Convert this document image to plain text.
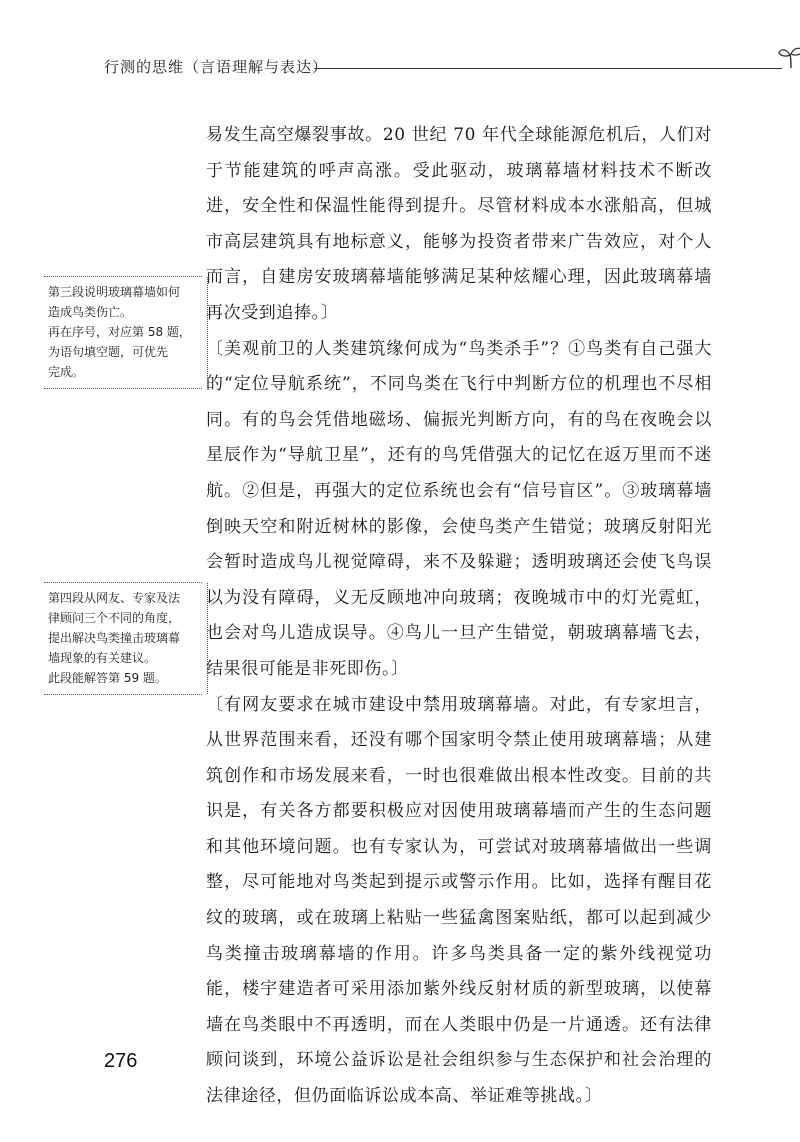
行测的思维（言语理解与表达）

易发生高空爆裂事故。20 世纪 70 年代全球能源危机后，人们对于节能建筑的呼声高涨。受此驱动，玻璃幕墙材料技术不断改进，安全性和保温性能得到提升。尽管材料成本水涨船高，但城市高层建筑具有地标意义，能够为投资者带来广告效应，对个人而言，自建房安玻璃幕墙能够满足某种炫耀心理，因此玻璃幕墙再次受到追捧。〕

〔美观前卫的人类建筑缘何成为“鸟类杀手”？①鸟类有自己强大的“定位导航系统”，不同鸟类在飞行中判断方位的机理也不尽相同。有的鸟会凭借地磁场、偏振光判断方向，有的鸟在夜晚会以星辰作为“导航卫星”，还有的鸟凭借强大的记忆在返万里而不迷航。②但是，再强大的定位系统也会有“信号盲区”。③玻璃幕墙倒映天空和附近树林的影像，会使鸟类产生错觉；玻璃反射阳光会暂时造成鸟儿视觉障碍，来不及躲避；透明玻璃还会使飞鸟误以为没有障碍，义无反顾地冲向玻璃；夜晚城市中的灯光霓虹，也会对鸟儿造成误导。④鸟儿一旦产生错觉，朝玻璃幕墙飞去，结果很可能是非死即伤。〕

〔有网友要求在城市建设中禁用玻璃幕墙。对此，有专家坦言，从世界范围来看，还没有哪个国家明令禁止使用玻璃幕墙；从建筑创作和市场发展来看，一时也很难做出根本性改变。目前的共识是，有关各方都要积极应对因使用玻璃幕墙而产生的生态问题和其他环境问题。也有专家认为，可尝试对玻璃幕墙做出一些调整，尽可能地对鸟类起到提示或警示作用。比如，选择有醒目花纹的玻璃，或在玻璃上粘贴一些猛禽图案贴纸，都可以起到减少鸟类撞击玻璃幕墙的作用。许多鸟类具备一定的紫外线视觉功能，楼宇建造者可采用添加紫外线反射材质的新型玻璃，以使幕墙在鸟类眼中不再透明，而在人类眼中仍是一片通透。还有法律顾问谈到，环境公益诉讼是社会组织参与生态保护和社会治理的法律途径，但仍面临诉讼成本高、举证难等挑战。〕

第三段说明玻璃幕墙如何
造成鸟类伤亡。
再在序号，对应第 58 题，
为语句填空题，可优先
完成。
第四段从网友、专家及法
律顾问三个不同的角度，
提出解决鸟类撞击玻璃幕
墙现象的有关建议。
此段能解答第 59 题。
276
